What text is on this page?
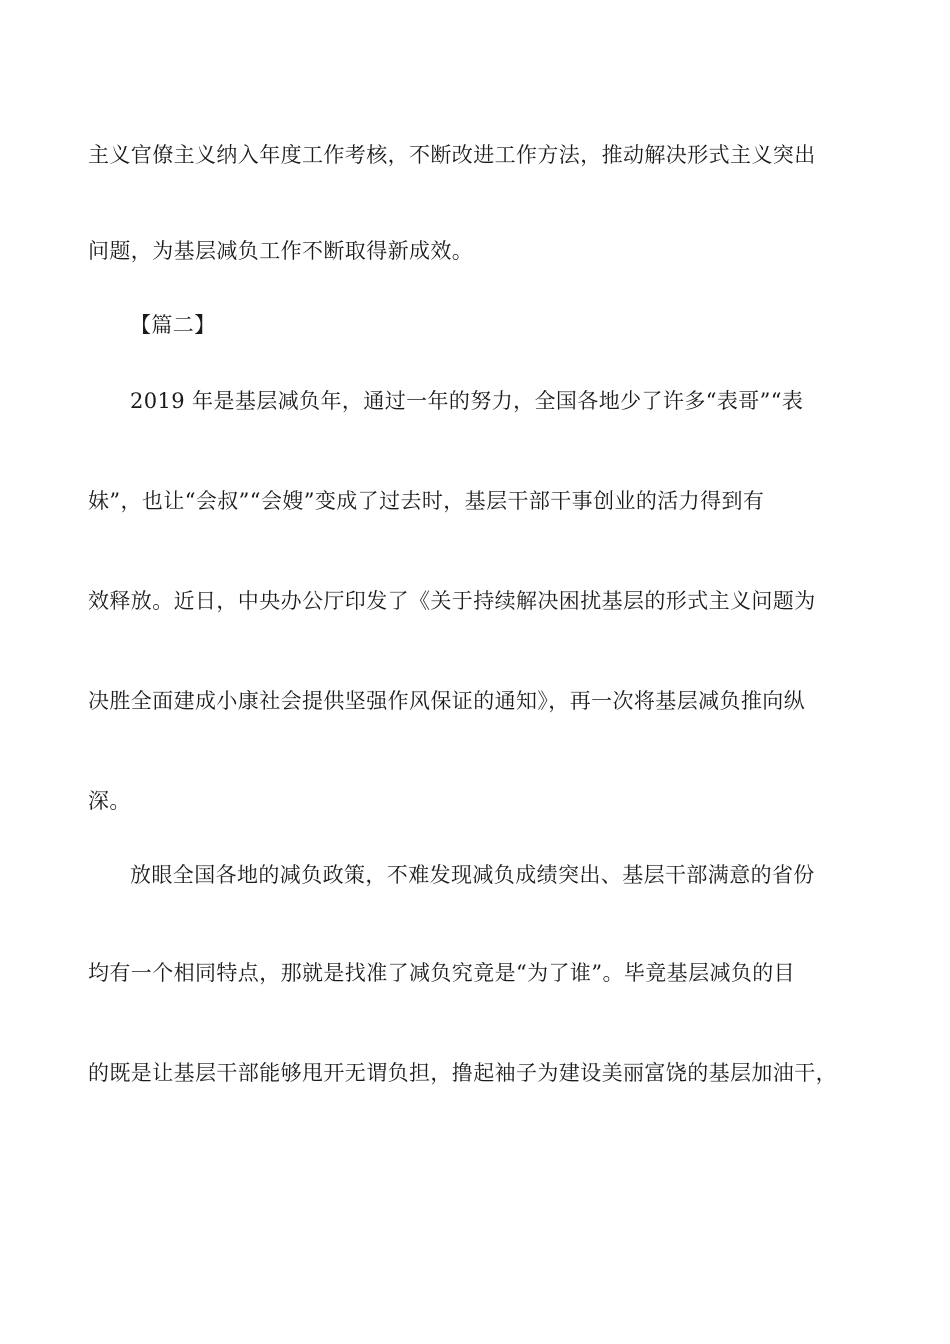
主义官僚主义纳入年度工作考核，不断改进工作方法，推动解决形式主义突出
问题，为基层减负工作不断取得新成效。
【篇二】
2019 年是基层减负年，通过一年的努力，全国各地少了许多“表哥”“表
妹”，也让“会叔”“会嫂”变成了过去时，基层干部干事创业的活力得到有
效释放。近日，中央办公厅印发了《关于持续解决困扰基层的形式主义问题为
决胜全面建成小康社会提供坚强作风保证的通知》，再一次将基层减负推向纵
深。
放眼全国各地的减负政策，不难发现减负成绩突出、基层干部满意的省份
均有一个相同特点，那就是找准了减负究竟是“为了谁”。毕竟基层减负的目
的既是让基层干部能够甩开无谓负担，撸起袖子为建设美丽富饶的基层加油干，
